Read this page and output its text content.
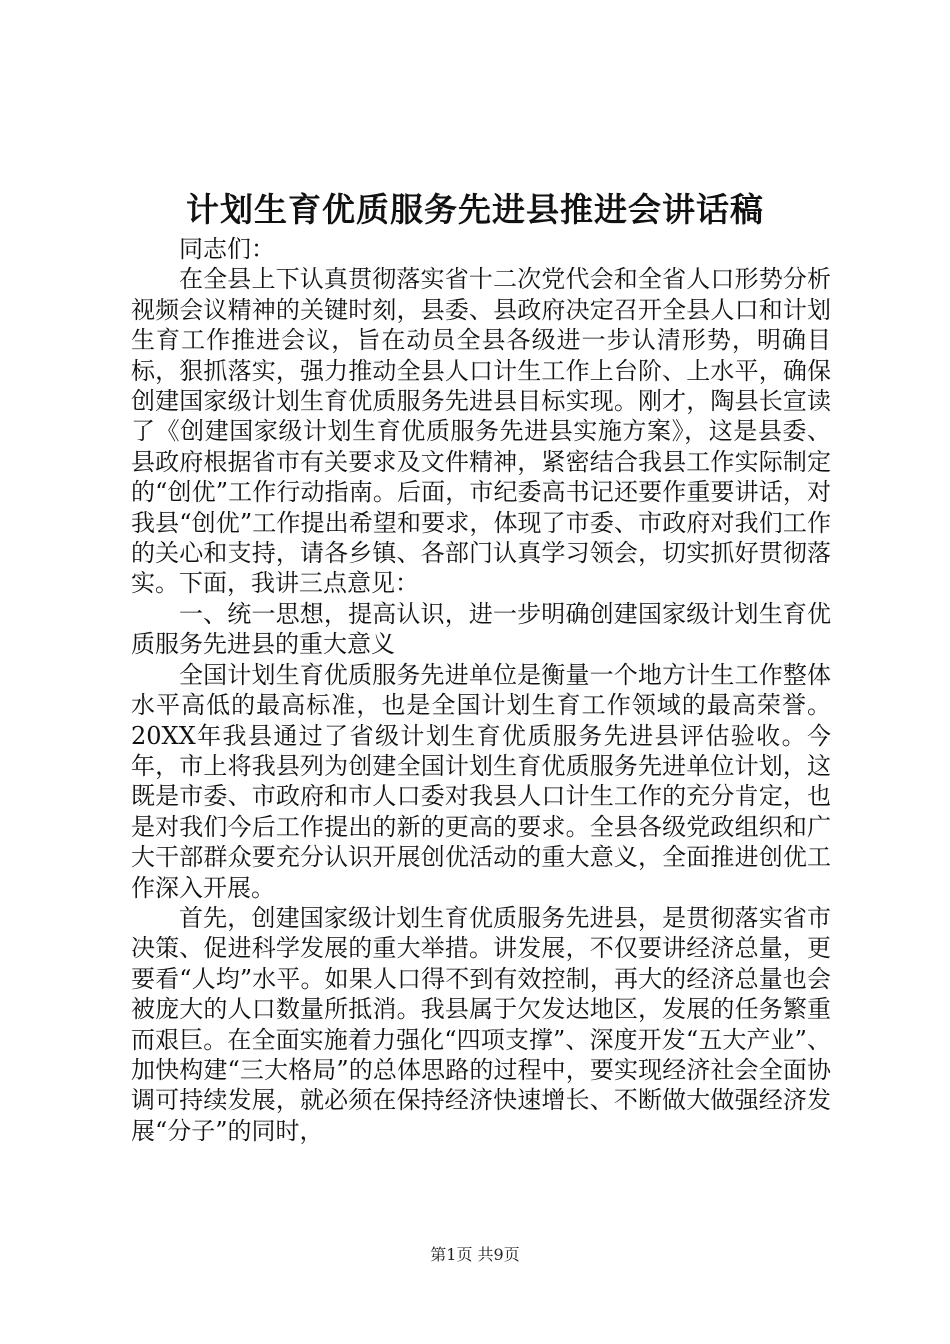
计划生育优质服务先进县推进会讲话稿

同志们：

在全县上下认真贯彻落实省十二次党代会和全省人口形势分析视频会议精神的关键时刻，县委、县政府决定召开全县人口和计划生育工作推进会议，旨在动员全县各级进一步认清形势，明确目标，狠抓落实，强力推动全县人口计生工作上台阶、上水平，确保创建国家级计划生育优质服务先进县目标实现。刚才，陶县长宣读了《创建国家级计划生育优质服务先进县实施方案》，这是县委、县政府根据省市有关要求及文件精神，紧密结合我县工作实际制定的“创优”工作行动指南。后面，市纪委高书记还要作重要讲话，对我县“创优”工作提出希望和要求，体现了市委、市政府对我们工作的关心和支持，请各乡镇、各部门认真学习领会，切实抓好贯彻落实。下面，我讲三点意见：

一、统一思想，提高认识，进一步明确创建国家级计划生育优质服务先进县的重大意义

全国计划生育优质服务先进单位是衡量一个地方计生工作整体水平高低的最高标准，也是全国计划生育工作领域的最高荣誉。20XX年我县通过了省级计划生育优质服务先进县评估验收。今年，市上将我县列为创建全国计划生育优质服务先进单位计划，这既是市委、市政府和市人口委对我县人口计生工作的充分肯定，也是对我们今后工作提出的新的更高的要求。全县各级党政组织和广大干部群众要充分认识开展创优活动的重大意义，全面推进创优工作深入开展。

首先，创建国家级计划生育优质服务先进县，是贯彻落实省市决策、促进科学发展的重大举措。讲发展，不仅要讲经济总量，更要看“人均”水平。如果人口得不到有效控制，再大的经济总量也会被庞大的人口数量所抵消。我县属于欠发达地区，发展的任务繁重而艰巨。在全面实施着力强化“四项支撑”、深度开发“五大产业”、加快构建“三大格局”的总体思路的过程中，要实现经济社会全面协调可持续发展，就必须在保持经济快速增长、不断做大做强经济发展“分子”的同时，

第1页 共9页
